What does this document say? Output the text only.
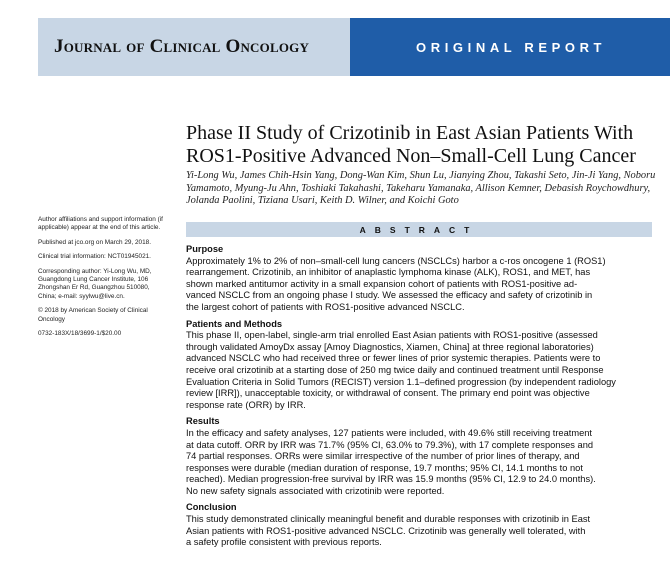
Journal of Clinical Oncology	ORIGINAL REPORT
Phase II Study of Crizotinib in East Asian Patients With
ROS1-Positive Advanced Non–Small-Cell Lung Cancer
Yi-Long Wu, James Chih-Hsin Yang, Dong-Wan Kim, Shun Lu, Jianying Zhou, Takashi Seto, Jin-Ji Yang, Noboru
Yamamoto, Myung-Ju Ahn, Toshiaki Takahashi, Takeharu Yamanaka, Allison Kemner, Debasish Roychowdhury,
Jolanda Paolini, Tiziana Usari, Keith D. Wilner, and Koichi Goto

Author affiliations and support information (if applicable) appear at the end of this article.

Published at jco.org on March 29, 2018.

Clinical trial information: NCT01945021.

Corresponding author: Yi-Long Wu, MD, Guangdong Lung Cancer Institute, 106 Zhongshan Er Rd, Guangzhou 510080, China; e-mail: syylwu@live.cn.

© 2018 by American Society of Clinical Oncology

0732-183X/18/3699-1/$20.00

ABSTRACT
Purpose
Approximately 1% to 2% of non–small-cell lung cancers (NSCLCs) harbor a c-ros oncogene 1 (ROS1)
rearrangement. Crizotinib, an inhibitor of anaplastic lymphoma kinase (ALK), ROS1, and MET, has
shown marked antitumor activity in a small expansion cohort of patients with ROS1-positive ad-
vanced NSCLC from an ongoing phase I study. We assessed the efficacy and safety of crizotinib in
the largest cohort of patients with ROS1-positive advanced NSCLC.
Patients and Methods
This phase II, open-label, single-arm trial enrolled East Asian patients with ROS1-positive (assessed
through validated AmoyDx assay [Amoy Diagnostics, Xiamen, China] at three regional laboratories)
advanced NSCLC who had received three or fewer lines of prior systemic therapies. Patients were to
receive oral crizotinib at a starting dose of 250 mg twice daily and continued treatment until Response
Evaluation Criteria in Solid Tumors (RECIST) version 1.1–defined progression (by independent radiology
review [IRR]), unacceptable toxicity, or withdrawal of consent. The primary end point was objective
response rate (ORR) by IRR.
Results
In the efficacy and safety analyses, 127 patients were included, with 49.6% still receiving treatment
at data cutoff. ORR by IRR was 71.7% (95% CI, 63.0% to 79.3%), with 17 complete responses and
74 partial responses. ORRs were similar irrespective of the number of prior lines of therapy, and
responses were durable (median duration of response, 19.7 months; 95% CI, 14.1 months to not
reached). Median progression-free survival by IRR was 15.9 months (95% CI, 12.9 to 24.0 months).
No new safety signals associated with crizotinib were reported.
Conclusion
This study demonstrated clinically meaningful benefit and durable responses with crizotinib in East
Asian patients with ROS1-positive advanced NSCLC. Crizotinib was generally well tolerated, with
a safety profile consistent with previous reports.
